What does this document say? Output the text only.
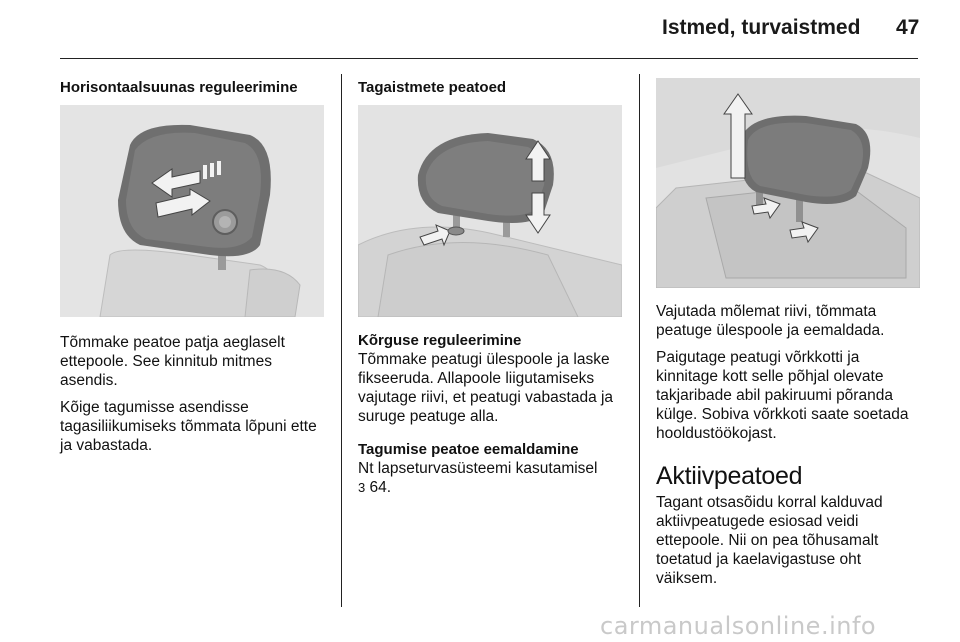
Istmed, turvaistmed 47
Horisontaalsuunas reguleerimine

Tõmmake peatoe patja aeglaselt ettepoole. See kinnitub mitmes asendis.

Kõige tagumisse asendisse tagasiliikumiseks tõmmata lõpuni ette ja vabastada.

Tagaistmete peatoed
Kõrguse reguleerimine

Tõmmake peatugi ülespoole ja laske fikseeruda. Allapoole liigutamiseks vajutage riivi, et peatugi vabastada ja suruge peatuge alla.

Tagumise peatoe eemaldamine

Nt lapseturvasüsteemi kasutamisel
3 64.

Vajutada mõlemat riivi, tõmmata peatuge ülespoole ja eemaldada.

Paigutage peatugi võrkkotti ja kinnitage kott selle põhjal olevate takjaribade abil pakiruumi põranda külge. Sobiva võrkkoti saate soetada hooldustöökojast.

Aktiivpeatoed

Tagant otsasõidu korral kalduvad aktiivpeatugede esiosad veidi ettepoole. Nii on pea tõhusamalt toetatud ja kaelavigastuse oht väiksem.

carmanualsonline.info
